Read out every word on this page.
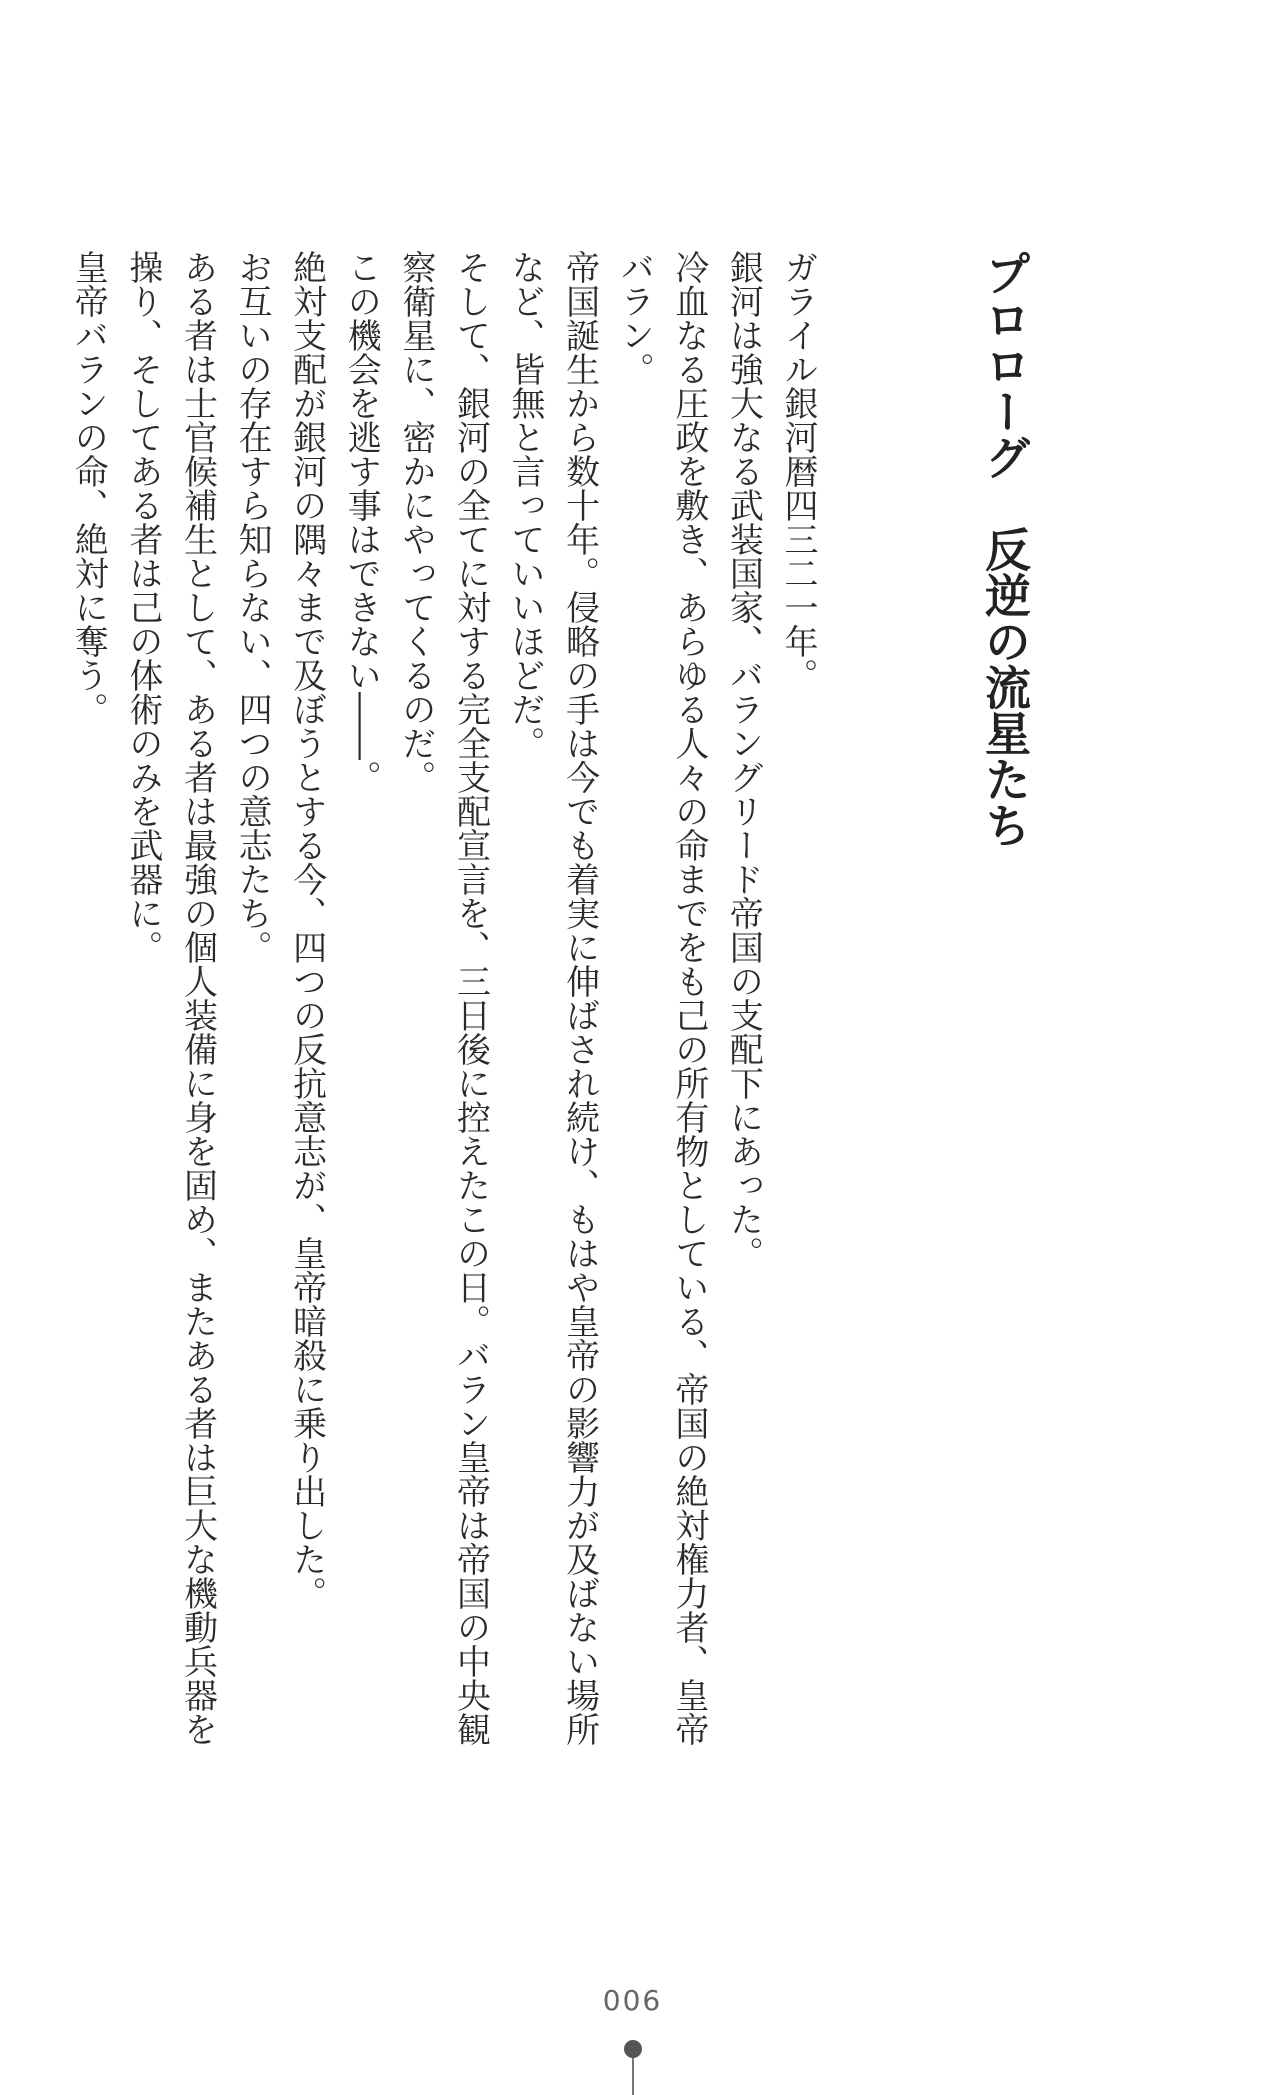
プロローグ　反逆の流星たち

ガライル銀河暦四三二一年。

銀河は強大なる武装国家、バラングリード帝国の支配下にあった。

冷血なる圧政を敷き、あらゆる人々の命までをも己の所有物としている、帝国の絶対権力者、皇帝バラン。

帝国誕生から数十年。侵略の手は今でも着実に伸ばされ続け、もはや皇帝の影響力が及ばない場所など、皆無と言っていいほどだ。

そして、銀河の全てに対する完全支配宣言を、三日後に控えたこの日。バラン皇帝は帝国の中央観察衛星に、密かにやってくるのだ。

この機会を逃す事はできない――。

絶対支配が銀河の隅々まで及ぼうとする今、四つの反抗意志が、皇帝暗殺に乗り出した。

お互いの存在すら知らない、四つの意志たち。

ある者は士官候補生として、ある者は最強の個人装備に身を固め、またある者は巨大な機動兵器を操り、そしてある者は己の体術のみを武器に。

皇帝バランの命、絶対に奪う。

006
